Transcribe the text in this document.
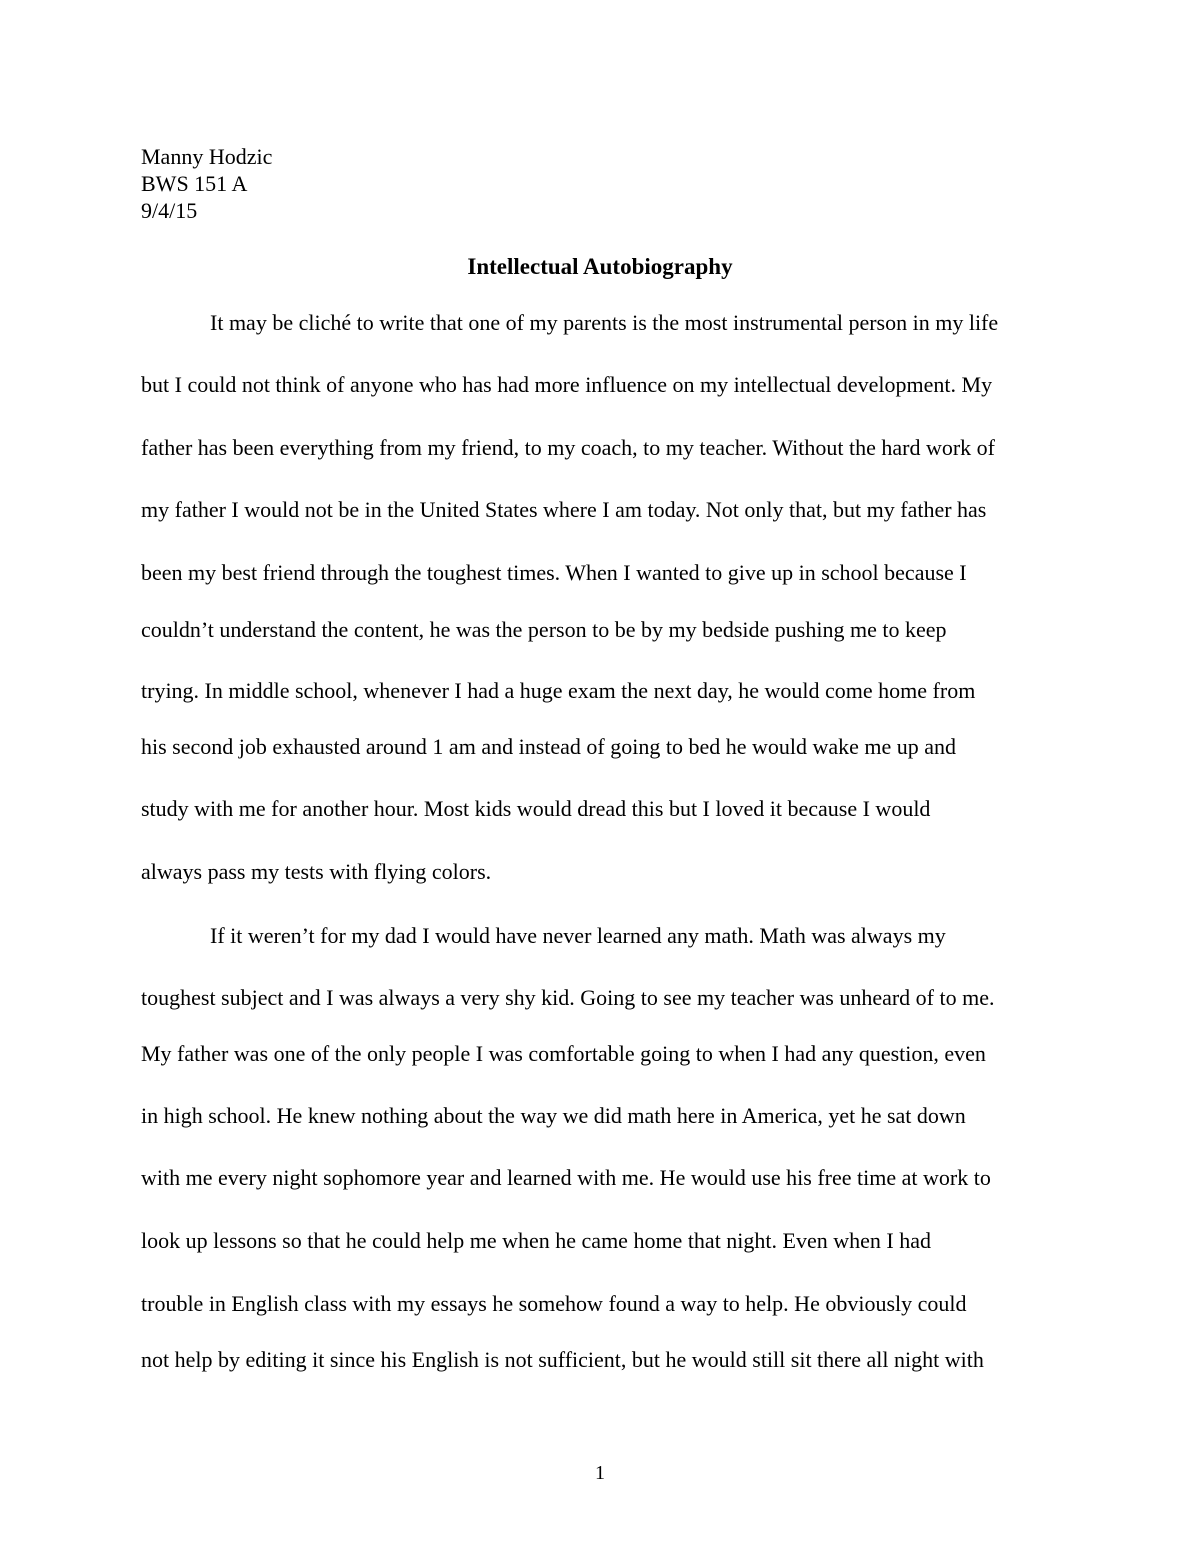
Manny Hodzic
BWS 151 A
9/4/15
Intellectual Autobiography
It may be cliché to write that one of my parents is the most instrumental person in my life
but I could not think of anyone who has had more influence on my intellectual development. My
father has been everything from my friend, to my coach, to my teacher. Without the hard work of
my father I would not be in the United States where I am today. Not only that, but my father has
been my best friend through the toughest times. When I wanted to give up in school because I
couldn’t understand the content, he was the person to be by my bedside pushing me to keep
trying. In middle school, whenever I had a huge exam the next day, he would come home from
his second job exhausted around 1 am and instead of going to bed he would wake me up and
study with me for another hour. Most kids would dread this but I loved it because I would
always pass my tests with flying colors.
If it weren’t for my dad I would have never learned any math. Math was always my
toughest subject and I was always a very shy kid. Going to see my teacher was unheard of to me.
My father was one of the only people I was comfortable going to when I had any question, even
in high school. He knew nothing about the way we did math here in America, yet he sat down
with me every night sophomore year and learned with me. He would use his free time at work to
look up lessons so that he could help me when he came home that night. Even when I had
trouble in English class with my essays he somehow found a way to help. He obviously could
not help by editing it since his English is not sufficient, but he would still sit there all night with
1
